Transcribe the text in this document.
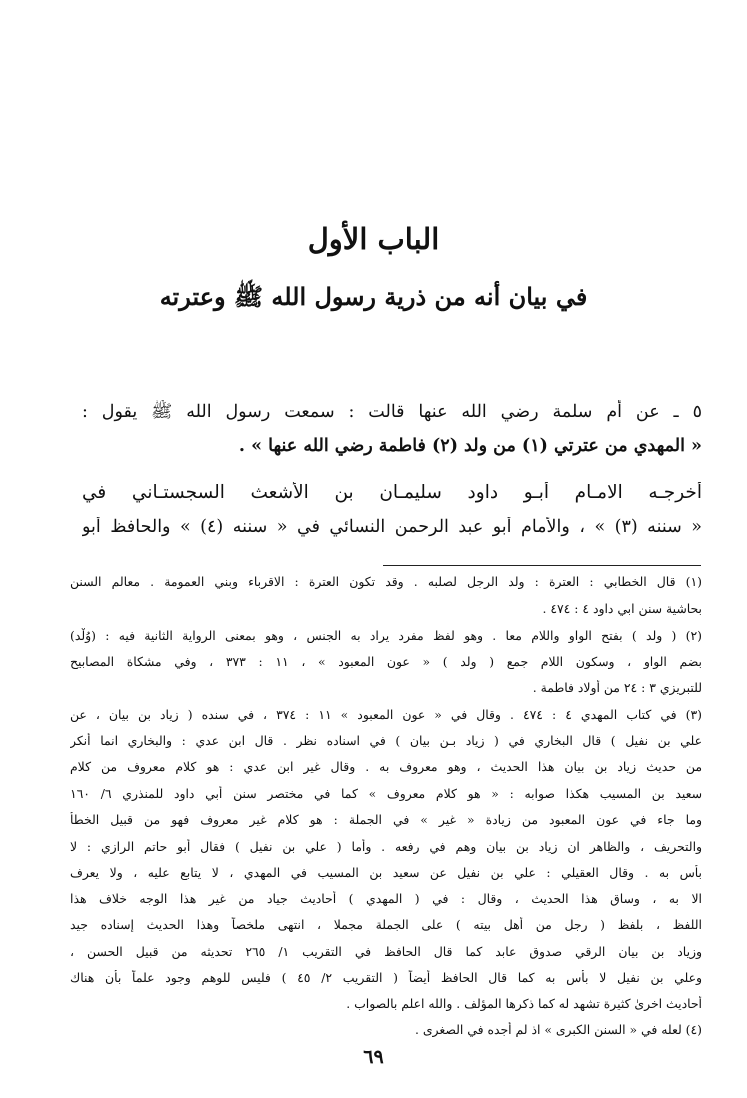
الباب الأول
في بيان أنه من ذرية رسول الله ﷺ وعترته
٥ ـ عن أم سلمة رضي الله عنها قالت : سمعت رسول الله ﷺ يقول :
« المهدي من عترتي (١) من ولد (٢) فاطمة رضي الله عنها » .
أخرجـه الامـام أبـو داود سليمـان بن الأشعث السجستـاني في
« سننه (٣) » ، والأمام أبو عبد الرحمن النسائي في « سننه (٤) » والحافظ أبو
(١) قال الخطابي : العترة : ولد الرجل لصلبه . وقد تكون العترة : الاقرباء وبني العمومة . معالم السنن
بحاشية سنن ابي داود ٤ : ٤٧٤ .
(٢) ( ولد ) بفتح الواو واللام معا . وهو لفظ مفرد يراد به الجنس ، وهو بمعنى الرواية الثانية فيه : (وُلْد)
بضم الواو ، وسكون اللام جمع ( ولد ) « عون المعبود » ، ١١ : ٣٧٣ ، وفي مشكاة المصابيح
للتبريزي ٣ : ٢٤ من أولاد فاطمة .
(٣) في كتاب المهدي ٤ : ٤٧٤ . وقال في « عون المعبود » ١١ : ٣٧٤ ، في سنده ( زياد بن بيان ، عن
علي بن نفيل ) قال البخاري في ( زياد بـن بيان ) في اسناده نظر . قال ابن عدي : والبخاري انما أنكر
من حديث زياد بن بيان هذا الحديث ، وهو معروف به . وقال غير ابن عدي : هو كلام معروف من كلام
سعيد بن المسيب هكذا صوابه : « هو كلام معروف » كما في مختصر سنن أبي داود للمنذري ٦/ ١٦٠
وما جاء في عون المعبود من زيادة « غير » في الجملة : هو كلام غير معروف فهو من قبيل الخطأ
والتحريف ، والظاهر ان زياد بن بيان وهم في رفعه . وأما ( علي بن نفيل ) فقال أبو حاتم الرازي : لا
بأس به . وقال العقيلي : علي بن نفيل عن سعيد بن المسيب في المهدي ، لا يتابع عليه ، ولا يعرف
الا به ، وساق هذا الحديث ، وقال : في ( المهدي ) أحاديث جياد من غير هذا الوجه خلاف هذا
اللفظ ، بلفظ ( رجل من أهل بيته ) على الجملة مجملا ، انتهى ملخصاً وهذا الحديث إسناده جيد
وزياد بن بيان الرقي صدوق عابد كما قال الحافظ في التقريب ١/ ٢٦٥ تحديثه من قبيل الحسن ،
وعلي بن نفيل لا بأس به كما قال الحافظ أيضاً ( التقريب ٢/ ٤٥ ) فليس للوهم وجود علماً بأن هناك
أحاديث اخرىٰ كثيرة تشهد له كما ذكرها المؤلف . والله اعلم بالصواب .
(٤) لعله في « السنن الكبرى » اذ لم أجده في الصغرى .
٦٩
